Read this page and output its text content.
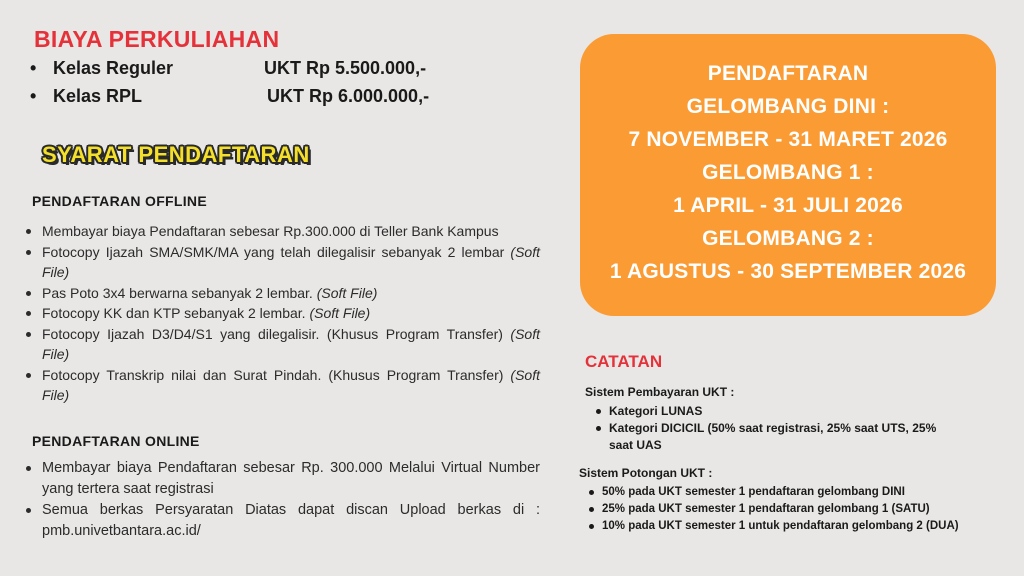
BIAYA PERKULIAHAN
• Kelas Reguler	UKT Rp 5.500.000,-
• Kelas RPL	UKT Rp 6.000.000,-
SYARAT PENDAFTARAN
PENDAFTARAN OFFLINE
Membayar biaya Pendaftaran sebesar Rp.300.000 di Teller Bank Kampus
Fotocopy Ijazah SMA/SMK/MA yang telah dilegalisir sebanyak 2 lembar (Soft File)
Pas Poto 3x4 berwarna sebanyak 2 lembar. (Soft File)
Fotocopy KK dan KTP sebanyak 2 lembar. (Soft File)
Fotocopy Ijazah D3/D4/S1 yang dilegalisir. (Khusus Program Transfer) (Soft File)
Fotocopy Transkrip nilai dan Surat Pindah. (Khusus Program Transfer) (Soft File)
PENDAFTARAN ONLINE
Membayar biaya Pendaftaran sebesar Rp. 300.000 Melalui Virtual Number yang tertera saat registrasi
Semua berkas Persyaratan Diatas dapat discan Upload berkas di : pmb.univetbantara.ac.id/
PENDAFTARAN
GELOMBANG DINI :
7 NOVEMBER - 31 MARET 2026
GELOMBANG 1 :
1 APRIL - 31 JULI 2026
GELOMBANG 2 :
1 AGUSTUS - 30 SEPTEMBER 2026
CATATAN
Sistem Pembayaran UKT :
Kategori LUNAS
Kategori DICICIL (50% saat registrasi, 25% saat UTS, 25% saat UAS
Sistem Potongan UKT :
50% pada UKT semester 1 pendaftaran gelombang DINI
25% pada UKT semester 1 pendaftaran gelombang 1 (SATU)
10% pada UKT semester 1 untuk pendaftaran gelombang 2 (DUA)
